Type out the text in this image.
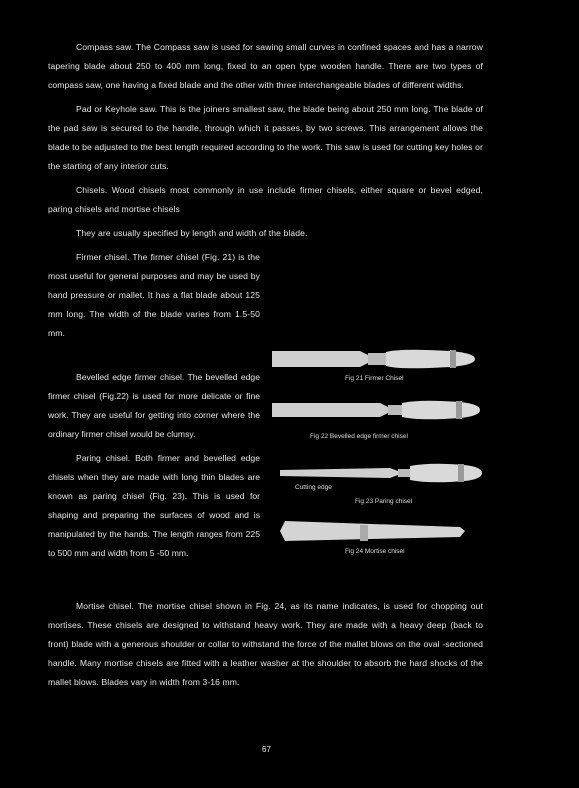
Compass saw. The Compass saw is used for sawing small curves in confined spaces and has a narrow tapering blade about 250 to 400 mm long, fixed to an open type wooden handle. There are two types of compass saw, one having a fixed blade and the other with three interchangeable blades of different widths.

Pad or Keyhole saw. This is the joiners smallest saw, the blade being about 250 mm long. The blade of the pad saw is secured to the handle, through which it passes, by two screws. This arrangement allows the blade to be adjusted to the best length required according to the work. This saw is used for cutting key holes or the starting of any interior cuts.

Chisels. Wood chisels most commonly in use include firmer chisels, either square or bevel edged, paring chisels and mortise chisels

They are usually specified by length and width of the blade.

Firmer chisel. The firmer chisel (Fig. 21) is the most useful for general purposes and may be used by hand pressure or mallet. It has a flat blade about 125 mm long. The width of the blade varies from 1.5-50 mm.

Bevelled edge firmer chisel. The bevelled edge firmer chisel (Fig.22) is used for more delicate or fine work. They are useful for getting into corner where the ordinary firmer chisel would be clumsy.

Paring chisel. Both firmer and bevelled edge chisels when they are made with long thin blades are known as paring chisel (Fig. 23). This is used for shaping and preparing the surfaces of wood and is manipulated by the hands. The length ranges from 225 to 500 mm and width from 5 -50 mm.

Fig 21 Firmer Chisel
Fig 22 Bevelled edge firmer chisel
Cutting edge
Fig 23 Paring chisel
Fig 24 Mortise chisel

Mortise chisel. The mortise chisel shown in Fig. 24, as its name indicates, is used for chopping out mortises. These chisels are designed to withstand heavy work. They are made with a heavy deep (back to front) blade with a generous shoulder or collar to withstand the force of the mallet blows on the oval -sectioned handle. Many mortise chisels are fitted with a leather washer at the shoulder to absorb the hard shocks of the mallet blows. Blades vary in width from 3-16 mm.

67
